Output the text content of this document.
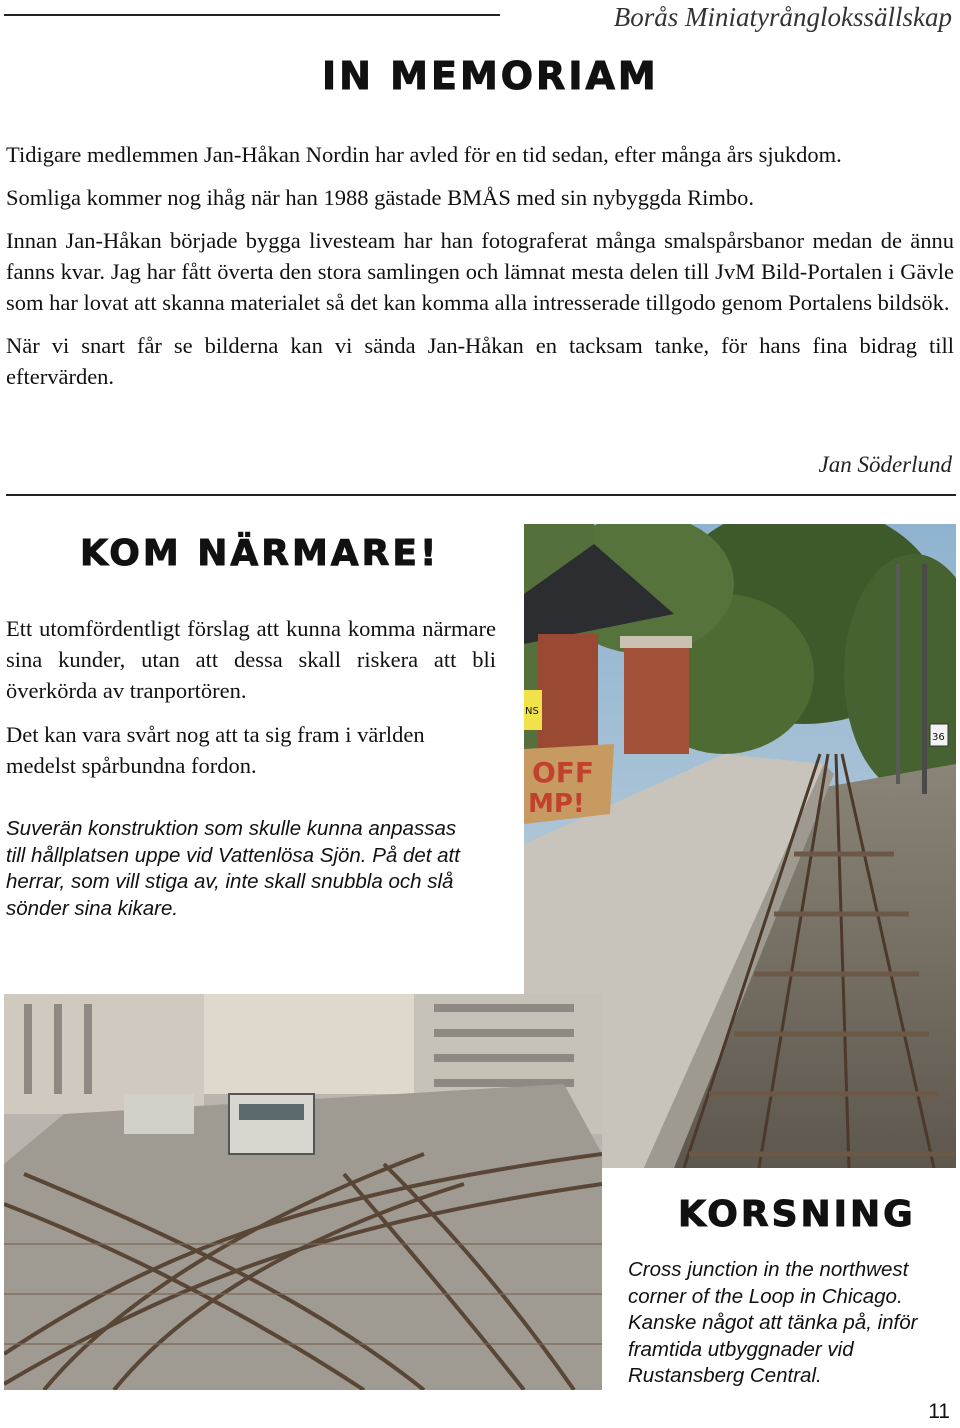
Borås Miniatyrånglokssällskap
IN MEMORIAM

Tidigare medlemmen Jan-Håkan Nordin har avled för en tid sedan, efter många års sjukdom.

Somliga kommer nog ihåg när han 1988 gästade BMÅS med sin nybyggda Rimbo.

Innan Jan-Håkan började bygga livesteam har han fotograferat många smalspårsbanor medan de ännu fanns kvar. Jag har fått överta den stora samlingen och lämnat mesta delen till JvM Bild-Portalen i Gävle som har lovat att skanna materialet så det kan komma alla intresserade tillgodo genom Portalens bildsök.

När vi snart får se bilderna kan vi sända Jan-Håkan en tacksam tanke, för hans fina bidrag till eftervärden.

Jan Söderlund
KOM NÄRMARE!

Ett utomfördentligt förslag att kunna komma närmare sina kunder, utan att dessa skall riskera att bli överkörda av tranportören.

Det kan vara svårt nog att ta sig fram i världen medelst spårbundna fordon.

Suverän konstruktion som skulle kunna anpassas till hållplatsen uppe vid Vattenlösa Sjön. På det att herrar, som vill stiga av, inte skall snubbla och slå sönder sina kikare.

OFF
MP!
NS
36
KORSNING

Cross junction in the northwest corner of the Loop in Chicago. Kanske något att tänka på, inför framtida utbyggnader vid Rustansberg Central.

11
